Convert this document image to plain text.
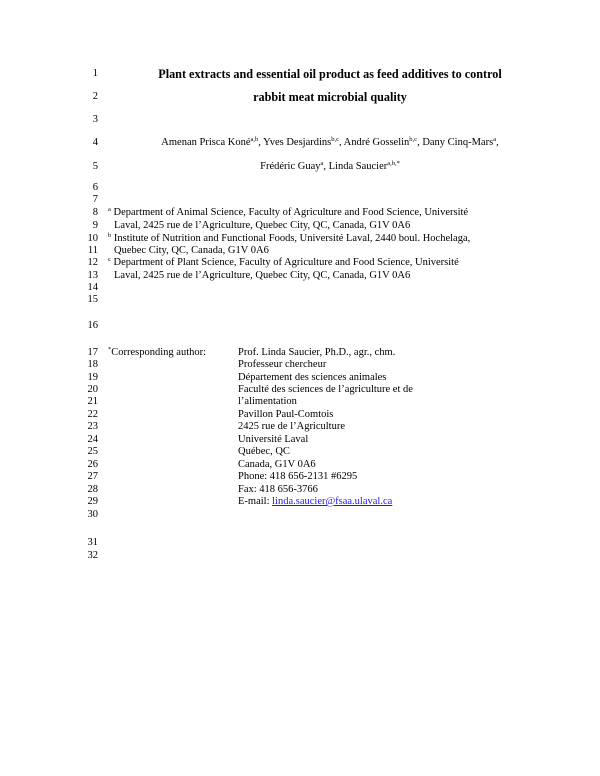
1
2
3
4
5
6
7
8
9
10
11
12
13
14
15
16
17
18
19
20
21
22
23
24
25
26
27
28
29
30
31
32
Plant extracts and essential oil product as feed additives to control
rabbit meat microbial quality
Amenan Prisca Koné$^{a,b}$, Yves Desjardins$^{b,c}$, André Gosselin$^{b,c}$, Dany Cinq-Mars$^a$,
Frédéric Guay$^a$, Linda Saucier$^{a,b,*}$
$^a$ Department of Animal Science, Faculty of Agriculture and Food Science, Université
Laval, 2425 rue de l’Agriculture, Quebec City, QC, Canada, G1V 0A6
$^b$ Institute of Nutrition and Functional Foods, Université Laval, 2440 boul. Hochelaga,
Quebec City, QC, Canada, G1V 0A6
$^c$ Department of Plant Science, Faculty of Agriculture and Food Science, Université
Laval, 2425 rue de l’Agriculture, Quebec City, QC, Canada, G1V 0A6
*Corresponding author:	Prof. Linda Saucier, Ph.D., agr., chm.
Professeur chercheur
Département des sciences animales
Faculté des sciences de l’agriculture et de
l’alimentation
Pavillon Paul-Comtois
2425 rue de l’Agriculture
Université Laval
Québec, QC
Canada, G1V 0A6
Phone: 418 656-2131 #6295
Fax: 418 656-3766
E-mail: linda.saucier@fsaa.ulaval.ca
